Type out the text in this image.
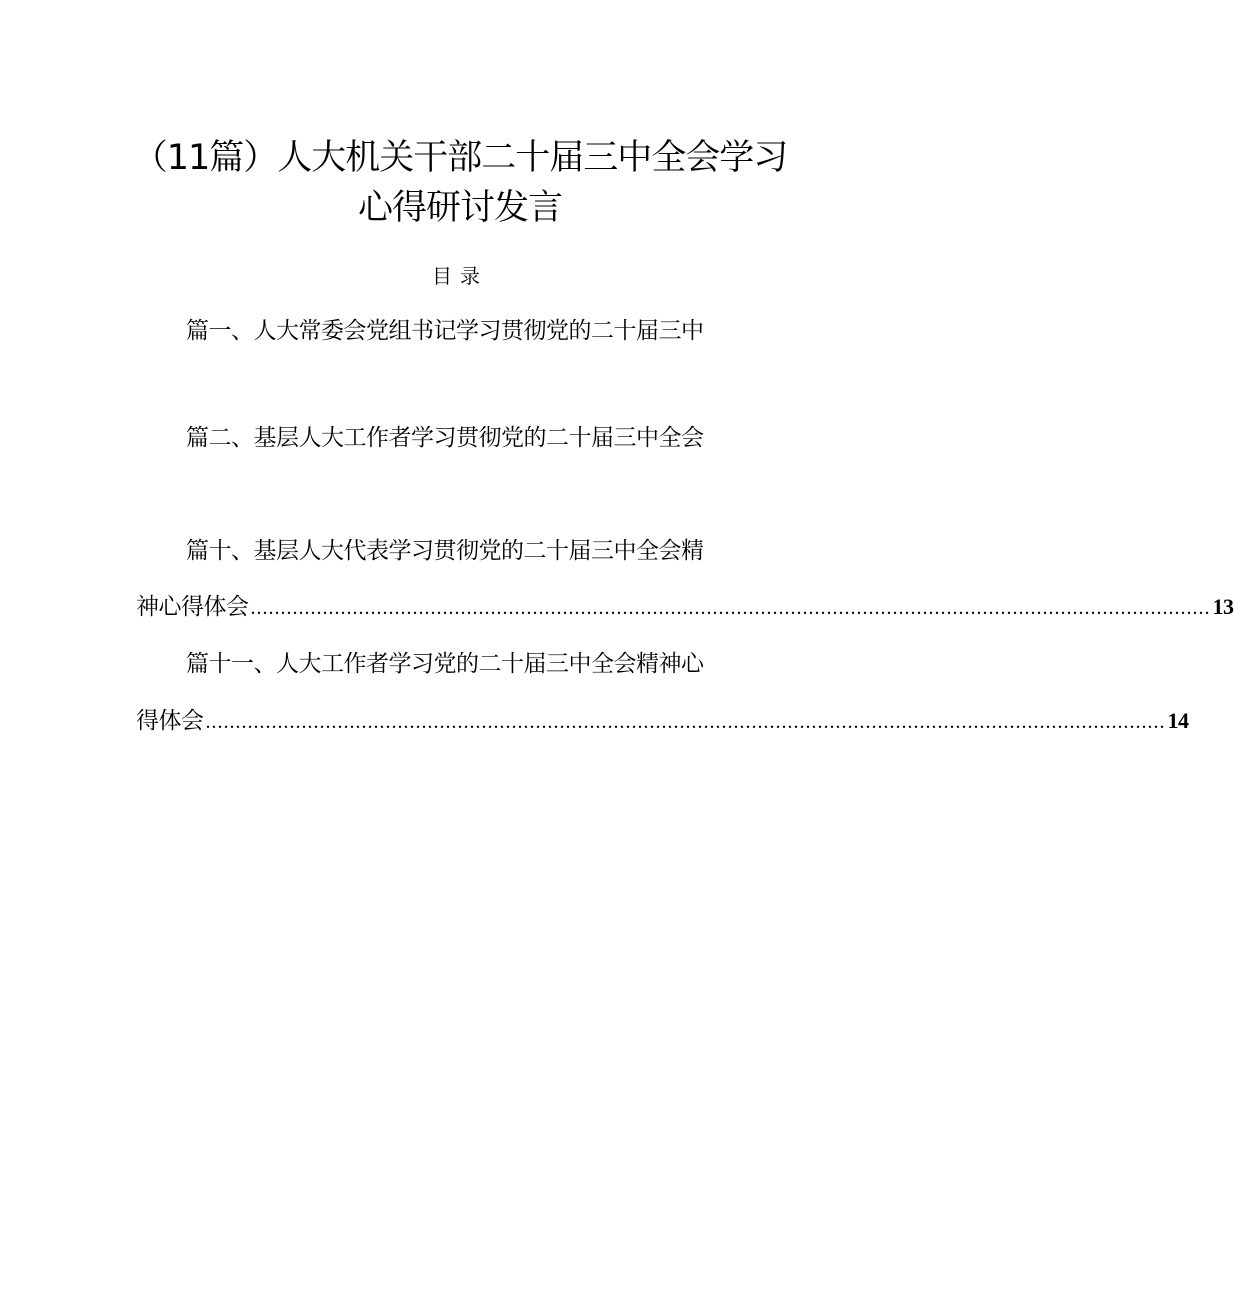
（11篇）人大机关干部二十届三中全会学习
心得研讨发言
目录
篇一、人大常委会党组书记学习贯彻党的二十届三中
篇二、基层人大工作者学习贯彻党的二十届三中全会
篇十、基层人大代表学习贯彻党的二十届三中全会精
神心得体会 ................................................................................................................................................................ 13
篇十一、人大工作者学习党的二十届三中全会精神心
得体会 ................................................................................................................................................................ 14
